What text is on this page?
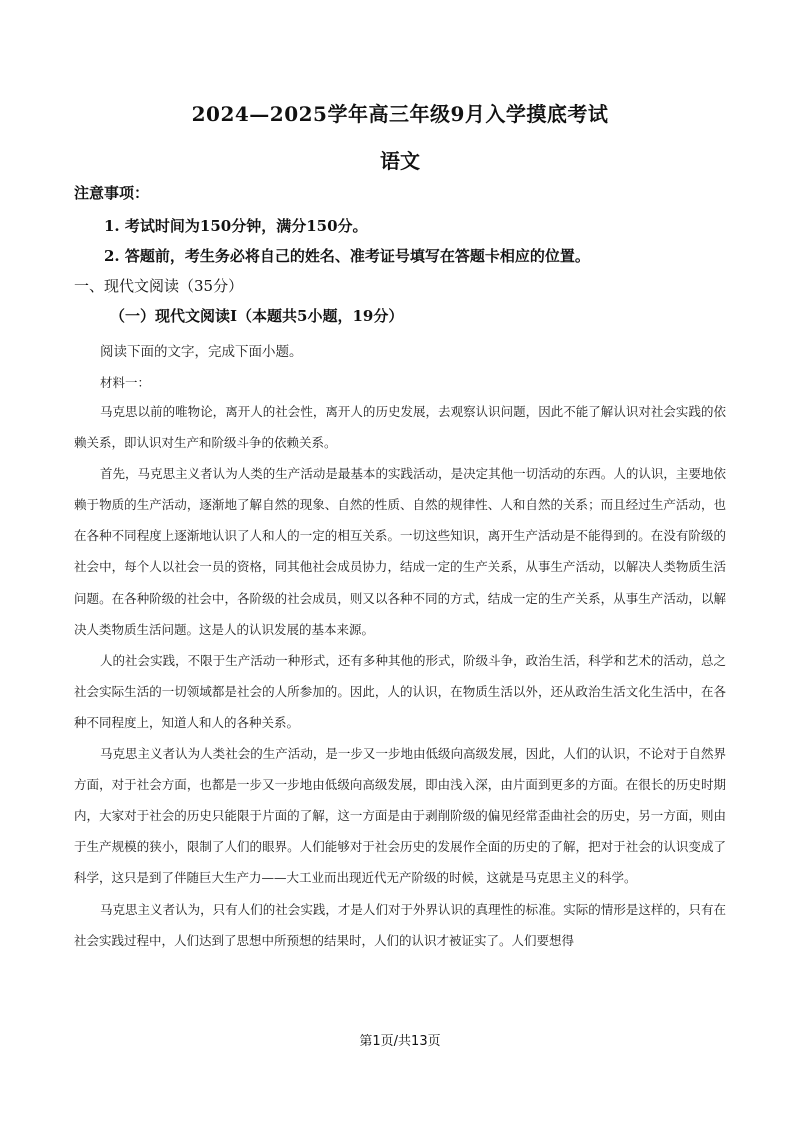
2024—2025学年高三年级9月入学摸底考试
语文
注意事项：
1. 考试时间为150分钟，满分150分。
2. 答题前，考生务必将自己的姓名、准考证号填写在答题卡相应的位置。
一、现代文阅读（35分）
（一）现代文阅读Ⅰ（本题共5小题，19分）
阅读下面的文字，完成下面小题。
材料一：

马克思以前的唯物论，离开人的社会性，离开人的历史发展，去观察认识问题，因此不能了解认识对社会实践的依赖关系，即认识对生产和阶级斗争的依赖关系。

首先，马克思主义者认为人类的生产活动是最基本的实践活动，是决定其他一切活动的东西。人的认识，主要地依赖于物质的生产活动，逐渐地了解自然的现象、自然的性质、自然的规律性、人和自然的关系；而且经过生产活动，也在各种不同程度上逐渐地认识了人和人的一定的相互关系。一切这些知识，离开生产活动是不能得到的。在没有阶级的社会中，每个人以社会一员的资格，同其他社会成员协力，结成一定的生产关系，从事生产活动，以解决人类物质生活问题。在各种阶级的社会中，各阶级的社会成员，则又以各种不同的方式，结成一定的生产关系，从事生产活动，以解决人类物质生活问题。这是人的认识发展的基本来源。

人的社会实践，不限于生产活动一种形式，还有多种其他的形式，阶级斗争，政治生活，科学和艺术的活动，总之社会实际生活的一切领域都是社会的人所参加的。因此，人的认识，在物质生活以外，还从政治生活文化生活中，在各种不同程度上，知道人和人的各种关系。

马克思主义者认为人类社会的生产活动，是一步又一步地由低级向高级发展，因此，人们的认识，不论对于自然界方面，对于社会方面，也都是一步又一步地由低级向高级发展，即由浅入深，由片面到更多的方面。在很长的历史时期内，大家对于社会的历史只能限于片面的了解，这一方面是由于剥削阶级的偏见经常歪曲社会的历史，另一方面，则由于生产规模的狭小，限制了人们的眼界。人们能够对于社会历史的发展作全面的历史的了解，把对于社会的认识变成了科学，这只是到了伴随巨大生产力——大工业而出现近代无产阶级的时候，这就是马克思主义的科学。

马克思主义者认为，只有人们的社会实践，才是人们对于外界认识的真理性的标准。实际的情形是这样的，只有在社会实践过程中，人们达到了思想中所预想的结果时，人们的认识才被证实了。人们要想得

第1页/共13页
